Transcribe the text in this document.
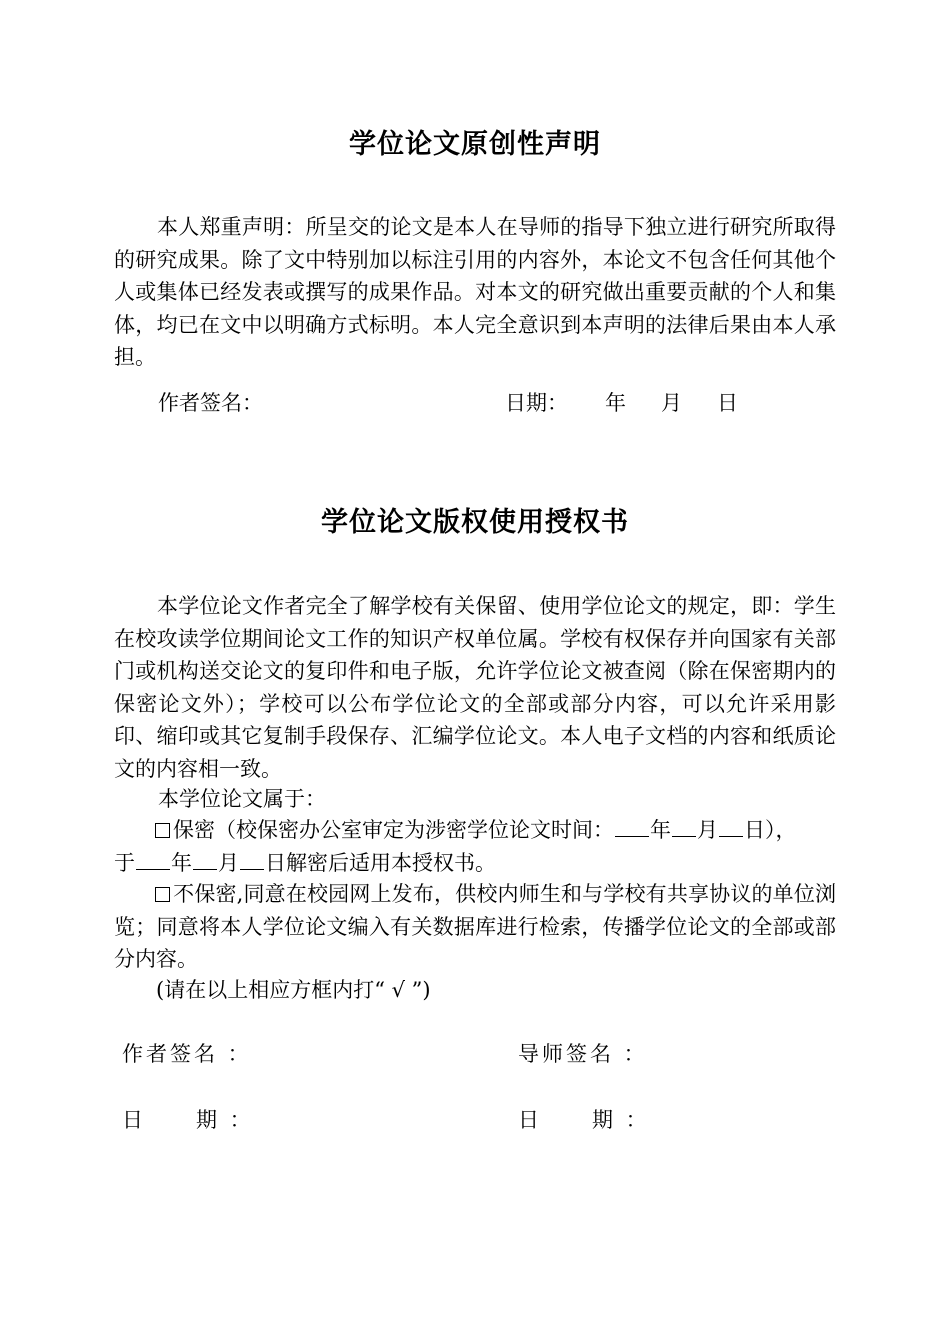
学位论文原创性声明
本人郑重声明：所呈交的论文是本人在导师的指导下独立进行研究所取得的研究成果。除了文中特别加以标注引用的内容外，本论文不包含任何其他个人或集体已经发表或撰写的成果作品。对本文的研究做出重要贡献的个人和集体，均已在文中以明确方式标明。本人完全意识到本声明的法律后果由本人承担。
作者签名：	日期： 年 月 日
学位论文版权使用授权书
本学位论文作者完全了解学校有关保留、使用学位论文的规定，即：学生在校攻读学位期间论文工作的知识产权单位属。学校有权保存并向国家有关部门或机构送交论文的复印件和电子版，允许学位论文被查阅（除在保密期内的保密论文外）；学校可以公布学位论文的全部或部分内容，可以允许采用影印、缩印或其它复制手段保存、汇编学位论文。本人电子文档的内容和纸质论文的内容相一致。
本学位论文属于：
保密（校保密办公室审定为涉密学位论文时间： 年 月 日），
于 年 月 日解密后适用本授权书。
不保密,同意在校园网上发布，供校内师生和与学校有共享协议的单位浏览；同意将本人学位论文编入有关数据库进行检索，传播学位论文的全部或部分内容。
(请在以上相应方框内打“ √ ”)
作者签名 ：	导师签名 ：
日	期 ：	日	期 ：
